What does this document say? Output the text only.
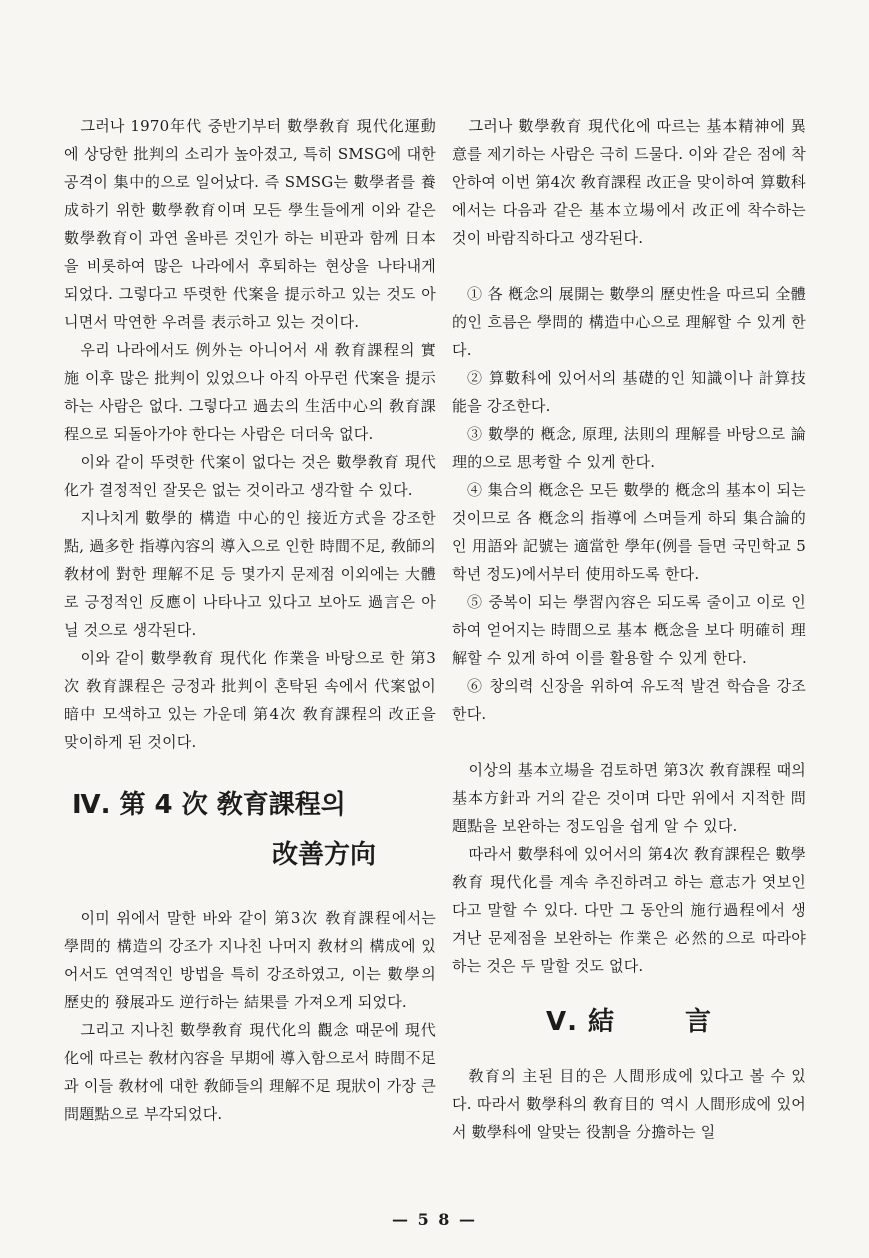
그러나 1970年代 중반기부터 數學敎育 現代化運動에 상당한 批判의 소리가 높아졌고, 특히 SMSG에 대한 공격이 集中的으로 일어났다. 즉 SMSG는 數學者를 養成하기 위한 數學敎育이며 모든 學生들에게 이와 같은 數學敎育이 과연 올바른 것인가 하는 비판과 함께 日本을 비롯하여 많은 나라에서 후퇴하는 현상을 나타내게 되었다. 그렇다고 뚜렷한 代案을 提示하고 있는 것도 아니면서 막연한 우려를 表示하고 있는 것이다.

우리 나라에서도 例外는 아니어서 새 敎育課程의 實施 이후 많은 批判이 있었으나 아직 아무런 代案을 提示하는 사람은 없다. 그렇다고 過去의 生活中心의 敎育課程으로 되돌아가야 한다는 사람은 더더욱 없다.

이와 같이 뚜렷한 代案이 없다는 것은 數學敎育 現代化가 결정적인 잘못은 없는 것이라고 생각할 수 있다.

지나치게 數學的 構造 中心的인 接近方式을 강조한 點, 過多한 指導內容의 導入으로 인한 時間不足, 敎師의 敎材에 對한 理解不足 등 몇가지 문제점 이외에는 大體로 긍정적인 反應이 나타나고 있다고 보아도 過言은 아닐 것으로 생각된다.

이와 같이 數學敎育 現代化 作業을 바탕으로 한 第3次 敎育課程은 긍정과 批判이 혼탁된 속에서 代案없이 暗中 모색하고 있는 가운데 第4次 敎育課程의 改正을 맞이하게 된 것이다.

Ⅳ. 第 4 次 敎育課程의
改善方向

이미 위에서 말한 바와 같이 第3次 敎育課程에서는 學問的 構造의 강조가 지나친 나머지 敎材의 構成에 있어서도 연역적인 방법을 특히 강조하였고, 이는 數學의 歷史的 發展과도 逆行하는 結果를 가져오게 되었다.

그리고 지나친 數學敎育 現代化의 觀念 때문에 現代化에 따르는 敎材內容을 早期에 導入함으로서 時間不足과 이들 敎材에 대한 敎師들의 理解不足 現狀이 가장 큰 問題點으로 부각되었다.

그러나 數學敎育 現代化에 따르는 基本精神에 異意를 제기하는 사람은 극히 드물다. 이와 같은 점에 착안하여 이번 第4次 敎育課程 改正을 맞이하여 算數科에서는 다음과 같은 基本立場에서 改正에 착수하는 것이 바람직하다고 생각된다.

① 各 槪念의 展開는 數學의 歷史性을 따르되 全體的인 흐름은 學問的 構造中心으로 理解할 수 있게 한다.

② 算數科에 있어서의 基礎的인 知識이나 計算技能을 강조한다.

③ 數學的 槪念, 原理, 法則의 理解를 바탕으로 論理的으로 思考할 수 있게 한다.

④ 集合의 槪念은 모든 數學的 槪念의 基本이 되는 것이므로 各 槪念의 指導에 스며들게 하되 集合論的인 用語와 記號는 適當한 學年(例를 들면 국민학교 5학년 정도)에서부터 使用하도록 한다.

⑤ 중복이 되는 學習內容은 되도록 줄이고 이로 인하여 얻어지는 時間으로 基本 槪念을 보다 明確히 理解할 수 있게 하여 이를 활용할 수 있게 한다.

⑥ 창의력 신장을 위하여 유도적 발견 학습을 강조한다.

이상의 基本立場을 검토하면 第3次 敎育課程 때의 基本方針과 거의 같은 것이며 다만 위에서 지적한 問題點을 보완하는 정도임을 쉽게 알 수 있다.

따라서 數學科에 있어서의 第4次 敎育課程은 數學敎育 現代化를 계속 추진하려고 하는 意志가 엿보인다고 말할 수 있다. 다만 그 동안의 施行過程에서 생겨난 문제점을 보완하는 作業은 必然的으로 따라야 하는 것은 두 말할 것도 없다.

Ⅴ. 結	言

敎育의 主된 目的은 人間形成에 있다고 볼 수 있다. 따라서 數學科의 敎育目的 역시 人間形成에 있어서 數學科에 알맞는 役割을 分擔하는 일

— 5 8 —
